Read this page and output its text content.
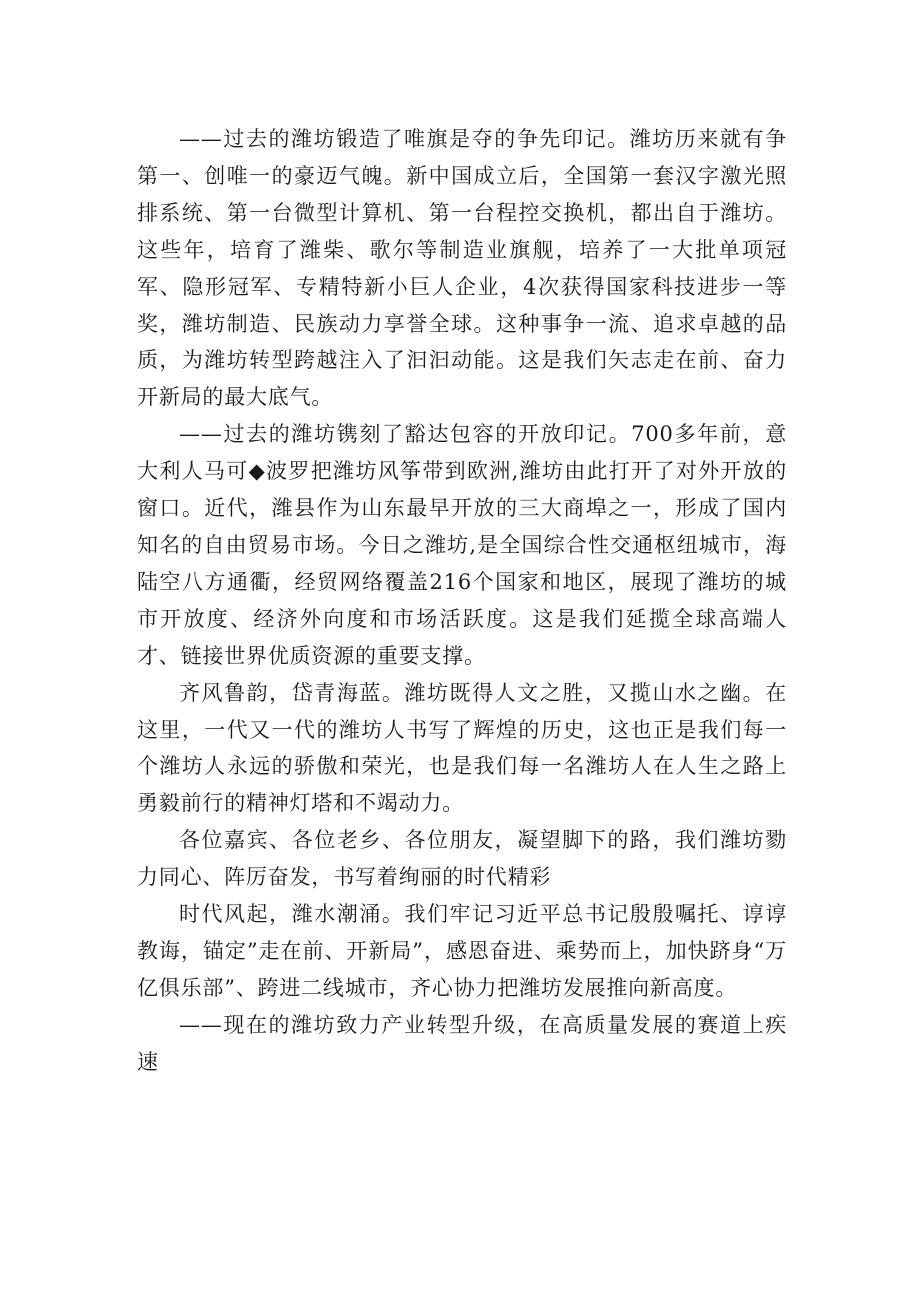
——过去的潍坊锻造了唯旗是夺的争先印记。潍坊历来就有争第一、创唯一的豪迈气魄。新中国成立后，全国第一套汉字激光照排系统、第一台微型计算机、第一台程控交换机，都出自于潍坊。这些年，培育了潍柴、歌尔等制造业旗舰，培养了一大批单项冠军、隐形冠军、专精特新小巨人企业，4次获得国家科技进步一等奖，潍坊制造、民族动力享誉全球。这种事争一流、追求卓越的品质，为潍坊转型跨越注入了汩汩动能。这是我们矢志走在前、奋力开新局的最大底气。

——过去的潍坊镌刻了豁达包容的开放印记。700多年前，意大利人马可◆波罗把潍坊风筝带到欧洲,潍坊由此打开了对外开放的窗口。近代，潍县作为山东最早开放的三大商埠之一，形成了国内知名的自由贸易市场。今日之潍坊,是全国综合性交通枢纽城市，海陆空八方通衢，经贸网络覆盖216个国家和地区，展现了潍坊的城市开放度、经济外向度和市场活跃度。这是我们延揽全球高端人才、链接世界优质资源的重要支撑。

齐风鲁韵，岱青海蓝。潍坊既得人文之胜，又揽山水之幽。在这里，一代又一代的潍坊人书写了辉煌的历史，这也正是我们每一个潍坊人永远的骄傲和荣光，也是我们每一名潍坊人在人生之路上勇毅前行的精神灯塔和不竭动力。

各位嘉宾、各位老乡、各位朋友，凝望脚下的路，我们潍坊勠力同心、阵厉奋发，书写着绚丽的时代精彩

时代风起，潍水潮涌。我们牢记习近平总书记殷殷嘱托、谆谆教诲，锚定”走在前、开新局”，感恩奋进、乘势而上，加快跻身“万亿俱乐部”、跨进二线城市，齐心协力把潍坊发展推向新高度。

——现在的潍坊致力产业转型升级，在高质量发展的赛道上疾速
